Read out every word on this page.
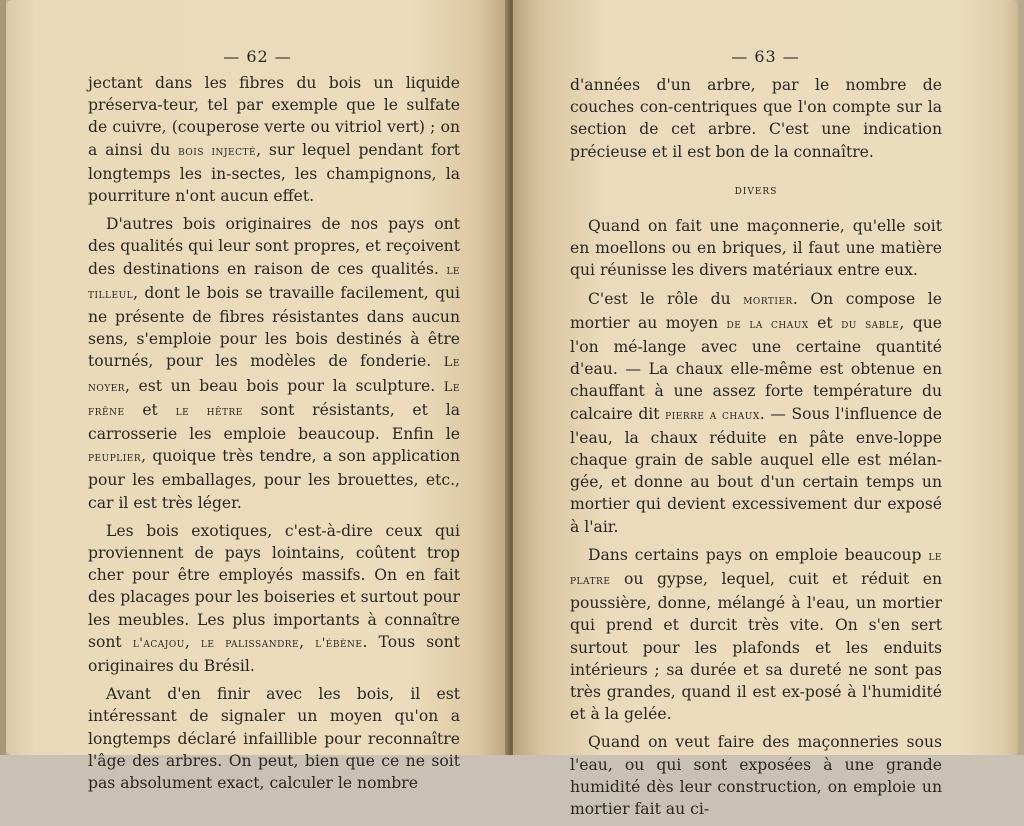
— 62 —

jectant dans les fibres du bois un liquide préserva-teur, tel par exemple que le sulfate de cuivre, (couperose verte ou vitriol vert) ; on a ainsi du bois injecté, sur lequel pendant fort longtemps les in-sectes, les champignons, la pourriture n'ont aucun effet.

D'autres bois originaires de nos pays ont des qualités qui leur sont propres, et reçoivent des destinations en raison de ces qualités. le tilleul, dont le bois se travaille facilement, qui ne présente de fibres résistantes dans aucun sens, s'emploie pour les bois destinés à être tournés, pour les modèles de fonderie. Le noyer, est un beau bois pour la sculpture. Le frêne et le hêtre sont résistants, et la carrosserie les emploie beaucoup. Enfin le peuplier, quoique très tendre, a son application pour les emballages, pour les brouettes, etc., car il est très léger.

Les bois exotiques, c'est-à-dire ceux qui proviennent de pays lointains, coûtent trop cher pour être employés massifs. On en fait des placages pour les boiseries et surtout pour les meubles. Les plus importants à connaître sont l'acajou, le palissandre, l'ébène. Tous sont originaires du Brésil.

Avant d'en finir avec les bois, il est intéressant de signaler un moyen qu'on a longtemps déclaré infaillible pour reconnaître l'âge des arbres. On peut, bien que ce ne soit pas absolument exact, calculer le nombre

— 63 —

d'années d'un arbre, par le nombre de couches con-centriques que l'on compte sur la section de cet arbre. C'est une indication précieuse et il est bon de la connaître.

divers

Quand on fait une maçonnerie, qu'elle soit en moellons ou en briques, il faut une matière qui réunisse les divers matériaux entre eux.

C'est le rôle du mortier. On compose le mortier au moyen de la chaux et du sable, que l'on mé-lange avec une certaine quantité d'eau. — La chaux elle-même est obtenue en chauffant à une assez forte température du calcaire dit pierre a chaux. — Sous l'influence de l'eau, la chaux réduite en pâte enve-loppe chaque grain de sable auquel elle est mélan-gée, et donne au bout d'un certain temps un mortier qui devient excessivement dur exposé à l'air.

Dans certains pays on emploie beaucoup le platre ou gypse, lequel, cuit et réduit en poussière, donne, mélangé à l'eau, un mortier qui prend et durcit très vite. On s'en sert surtout pour les plafonds et les enduits intérieurs ; sa durée et sa dureté ne sont pas très grandes, quand il est ex-posé à l'humidité et à la gelée.

Quand on veut faire des maçonneries sous l'eau, ou qui sont exposées à une grande humidité dès leur construction, on emploie un mortier fait au ci-
